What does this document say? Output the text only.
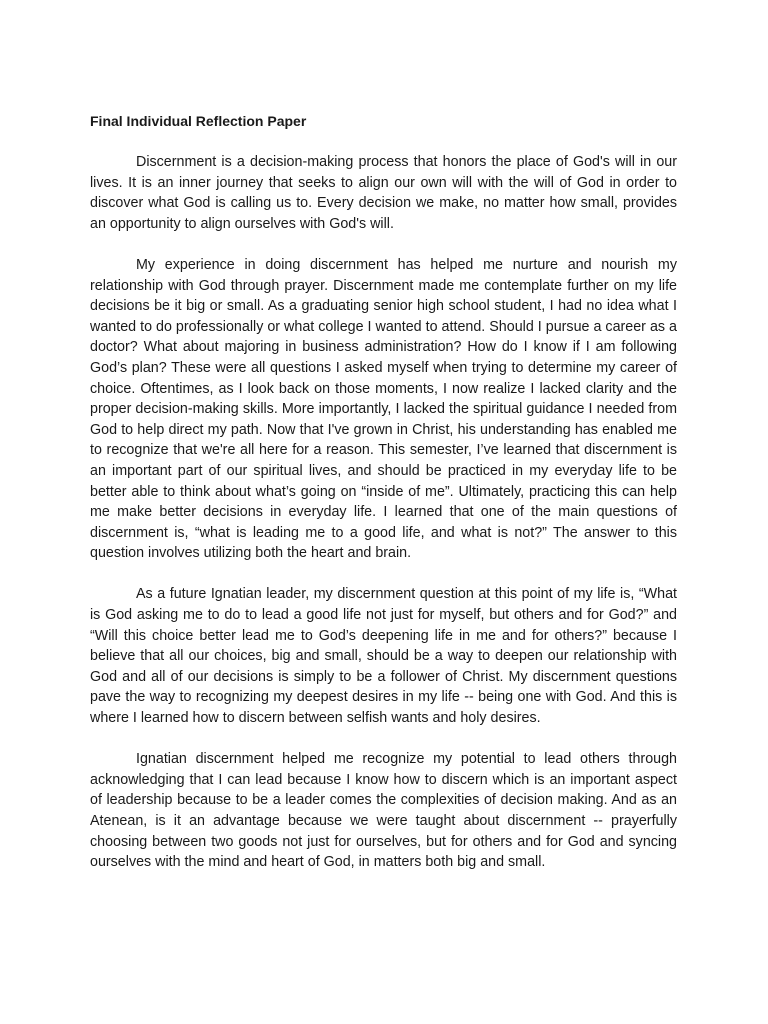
Final Individual Reflection Paper

Discernment is a decision-making process that honors the place of God's will in our lives. It is an inner journey that seeks to align our own will with the will of God in order to discover what God is calling us to. Every decision we make, no matter how small, provides an opportunity to align ourselves with God's will.

My experience in doing discernment has helped me nurture and nourish my relationship with God through prayer. Discernment made me contemplate further on my life decisions be it big or small. As a graduating senior high school student, I had no idea what I wanted to do professionally or what college I wanted to attend. Should I pursue a career as a doctor? What about majoring in business administration? How do I know if I am following God’s plan? These were all questions I asked myself when trying to determine my career of choice. Oftentimes, as I look back on those moments, I now realize I lacked clarity and the proper decision-making skills. More importantly, I lacked the spiritual guidance I needed from God to help direct my path. Now that I've grown in Christ, his understanding has enabled me to recognize that we're all here for a reason. This semester, I’ve learned that discernment is an important part of our spiritual lives, and should be practiced in my everyday life to be better able to think about what’s going on “inside of me”. Ultimately, practicing this can help me make better decisions in everyday life. I learned that one of the main questions of discernment is, “what is leading me to a good life, and what is not?” The answer to this question involves utilizing both the heart and brain.

As a future Ignatian leader, my discernment question at this point of my life is, “What is God asking me to do to lead a good life not just for myself, but others and for God?” and “Will this choice better lead me to God’s deepening life in me and for others?” because I believe that all our choices, big and small, should be a way to deepen our relationship with God and all of our decisions is simply to be a follower of Christ. My discernment questions pave the way to recognizing my deepest desires in my life -- being one with God. And this is where I learned how to discern between selfish wants and holy desires.

Ignatian discernment helped me recognize my potential to lead others through acknowledging that I can lead because I know how to discern which is an important aspect of leadership because to be a leader comes the complexities of decision making. And as an Atenean, is it an advantage because we were taught about discernment -- prayerfully choosing between two goods not just for ourselves, but for others and for God and syncing ourselves with the mind and heart of God, in matters both big and small.
